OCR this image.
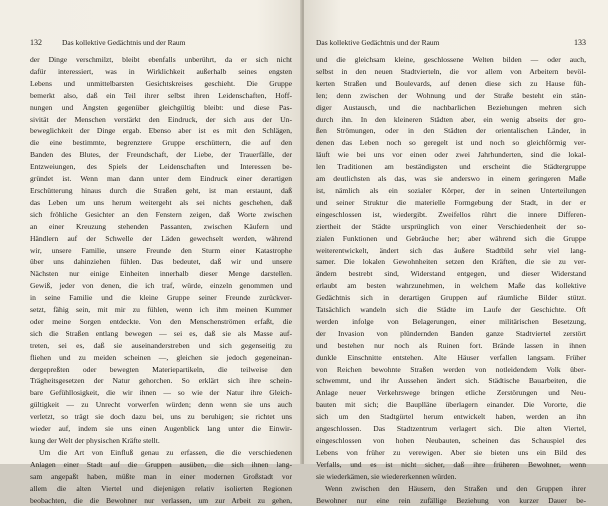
132	Das kollektive Gedächtnis und der Raum
der Dinge verschmilzt, bleibt ebenfalls unberührt, da er sich nicht
dafür interessiert, was in Wirklichkeit außerhalb seines engsten
Lebens und unmittelbarsten Gesichtskreises geschieht. Die Gruppe
bemerkt also, daß ein Teil ihrer selbst ihren Leidenschaften, Hoff-
nungen und Ängsten gegenüber gleichgültig bleibt: und diese Pas-
sivität der Menschen verstärkt den Eindruck, der sich aus der Un-
beweglichkeit der Dinge ergab. Ebenso aber ist es mit den Schlägen,
die eine bestimmte, begrenztere Gruppe erschüttern, die auf den
Banden des Blutes, der Freundschaft, der Liebe, der Trauerfälle, der
Entzweiungen, des Spiels der Leidenschaften und Interessen be-
gründet ist. Wenn man dann unter dem Eindruck einer derartigen
Erschütterung hinaus durch die Straßen geht, ist man erstaunt, daß
das Leben um uns herum weitergeht als sei nichts geschehen, daß
sich fröhliche Gesichter an den Fenstern zeigen, daß Worte zwischen
an einer Kreuzung stehenden Passanten, zwischen Käufern und
Händlern auf der Schwelle der Läden gewechselt werden, während
wir, unsere Familie, unsere Freunde den Sturm einer Katastrophe
über uns dahinziehen fühlen. Das bedeutet, daß wir und unsere
Nächsten nur einige Einheiten innerhalb dieser Menge darstellen.
Gewiß, jeder von denen, die ich traf, würde, einzeln genommen und
in seine Familie und die kleine Gruppe seiner Freunde zurückver-
setzt, fähig sein, mit mir zu fühlen, wenn ich ihm meinen Kummer
oder meine Sorgen entdeckte. Von den Menschenströmen erfaßt, die
sich die Straßen entlang bewegen — sei es, daß sie als Masse auf-
treten, sei es, daß sie auseinanderstreben und sich gegenseitig zu
fliehen und zu meiden scheinen —, gleichen sie jedoch gegeneinan-
dergepreßten oder bewegten Materiepartikeln, die teilweise den
Trägheitsgesetzen der Natur gehorchen. So erklärt sich ihre schein-
bare Gefühllosigkeit, die wir ihnen — so wie der Natur ihre Gleich-
gültigkeit — zu Unrecht vorwerfen würden; denn wenn sie uns auch
verletzt, so trägt sie doch dazu bei, uns zu beruhigen; sie richtet uns
wieder auf, indem sie uns einen Augenblick lang unter die Einwir-
kung der Welt der physischen Kräfte stellt.
Um die Art von Einfluß genau zu erfassen, die die verschiedenen
Anlagen einer Stadt auf die Gruppen ausüben, die sich ihnen lang-
sam angepaßt haben, müßte man in einer modernen Großstadt vor
allem die alten Viertel und diejenigen relativ isolierten Regionen
beobachten, die die Bewohner nur verlassen, um zur Arbeit zu gehen,
Das kollektive Gedächtnis und der Raum	133
und die gleichsam kleine, geschlossene Welten bilden — oder auch,
selbst in den neuen Stadtvierteln, die vor allem von Arbeitern bevöl-
kerten Straßen und Boulevards, auf denen diese sich zu Hause füh-
len; denn zwischen der Wohnung und der Straße besteht ein stän-
diger Austausch, und die nachbarlichen Beziehungen mehren sich
durch ihn. In den kleineren Städten aber, ein wenig abseits der gro-
ßen Strömungen, oder in den Städten der orientalischen Länder, in
denen das Leben noch so geregelt ist und noch so gleichförmig ver-
läuft wie bei uns vor einen oder zwei Jahrhunderten, sind die lokal-
len Traditionen am beständigsten und erscheint die Städtergruppe
am deutlichsten als das, was sie anderswo in einem geringeren Maße
ist, nämlich als ein sozialer Körper, der in seinen Unterteilungen
und seiner Struktur die materielle Formgebung der Stadt, in der er
eingeschlossen ist, wiedergibt. Zweifellos rührt die innere Differen-
ziertheit der Städte ursprünglich von einer Verschiedenheit der so-
zialen Funktionen und Gebräuche her; aber während sich die Gruppe
weiterentwickelt, ändert sich das äußere Stadtbild sehr viel lang-
samer. Die lokalen Gewohnheiten setzen den Kräften, die sie zu ver-
ändern bestrebt sind, Widerstand entgegen, und dieser Widerstand
erlaubt am besten wahrzunehmen, in welchem Maße das kollektive
Gedächtnis sich in derartigen Gruppen auf räumliche Bilder stützt.
Tatsächlich wandeln sich die Städte im Laufe der Geschichte. Oft
werden infolge von Belagerungen, einer militärischen Besetzung,
der Invasion von plündernden Banden ganze Stadtviertel zerstört
und bestehen nur noch als Ruinen fort. Brände lassen in ihnen
dunkle Einschnitte entstehen. Alte Häuser verfallen langsam. Früher
von Reichen bewohnte Straßen werden von notleidendem Volk über-
schwemmt, und ihr Aussehen ändert sich. Städtische Bauarbeiten, die
Anlage neuer Verkehrswege bringen etliche Zerstörungen und Neu-
bauten mit sich; die Bauplläne überlagern einander. Die Vororte, die
sich um den Stadtgürtel herum entwickelt haben, werden an ihn
angeschlossen. Das Stadtzentrum verlagert sich. Die alten Viertel,
eingeschlossen von hohen Neubauten, scheinen das Schauspiel des
Lebens von früher zu verewigen. Aber sie bieten uns ein Bild des
Verfalls, und es ist nicht sicher, daß ihre früheren Bewohner, wenn
sie wiederkämen, sie wiedererkennen würden.
Wenn zwischen den Häusern, den Straßen und den Gruppen ihrer
Bewohner nur eine rein zufällige Beziehung von kurzer Dauer be-
